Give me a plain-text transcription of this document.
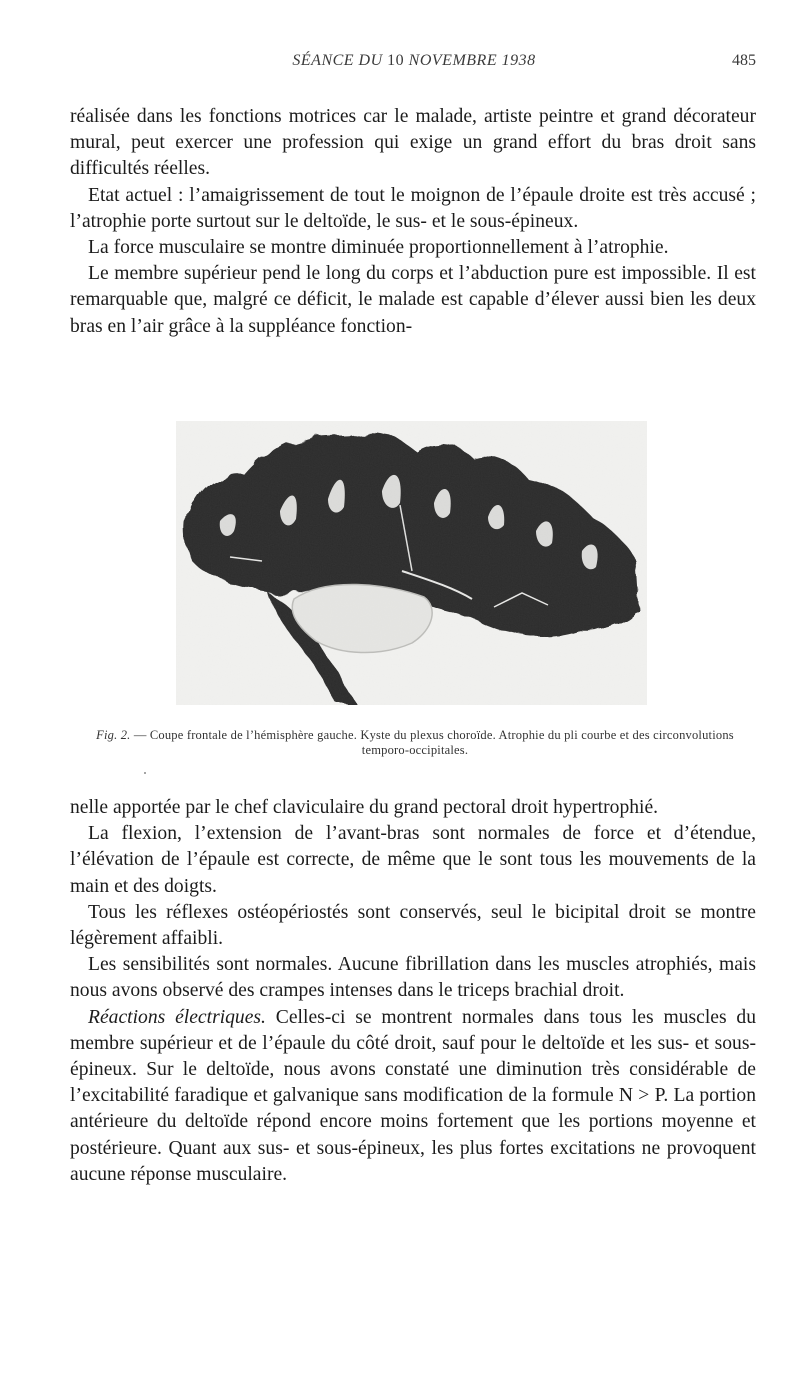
SÉANCE DU 10 NOVEMBRE 1938	485

réalisée dans les fonctions motrices car le malade, artiste peintre et grand décorateur mural, peut exercer une profession qui exige un grand effort du bras droit sans difficultés réelles.

Etat actuel : l’amaigrissement de tout le moignon de l’épaule droite est très accusé ; l’atrophie porte surtout sur le deltoïde, le sus- et le sous-épineux.

La force musculaire se montre diminuée proportionnellement à l’atrophie.

Le membre supérieur pend le long du corps et l’abduction pure est impossible. Il est remarquable que, malgré ce déficit, le malade est capable d’élever aussi bien les deux bras en l’air grâce à la suppléance fonction-

Fig. 2. — Coupe frontale de l’hémisphère gauche. Kyste du plexus choroïde. Atrophie du pli courbe et des circonvolutions temporo-occipitales.

nelle apportée par le chef claviculaire du grand pectoral droit hypertrophié.

La flexion, l’extension de l’avant-bras sont normales de force et d’étendue, l’élévation de l’épaule est correcte, de même que le sont tous les mouvements de la main et des doigts.

Tous les réflexes ostéopériostés sont conservés, seul le bicipital droit se montre légèrement affaibli.

Les sensibilités sont normales. Aucune fibrillation dans les muscles atrophiés, mais nous avons observé des crampes intenses dans le triceps brachial droit.

Réactions électriques. Celles-ci se montrent normales dans tous les muscles du membre supérieur et de l’épaule du côté droit, sauf pour le deltoïde et les sus- et sous-épineux. Sur le deltoïde, nous avons constaté une diminution très considérable de l’excitabilité faradique et galvanique sans modification de la formule N > P. La portion antérieure du deltoïde répond encore moins fortement que les portions moyenne et postérieure. Quant aux sus- et sous-épineux, les plus fortes excitations ne provoquent aucune réponse musculaire.
